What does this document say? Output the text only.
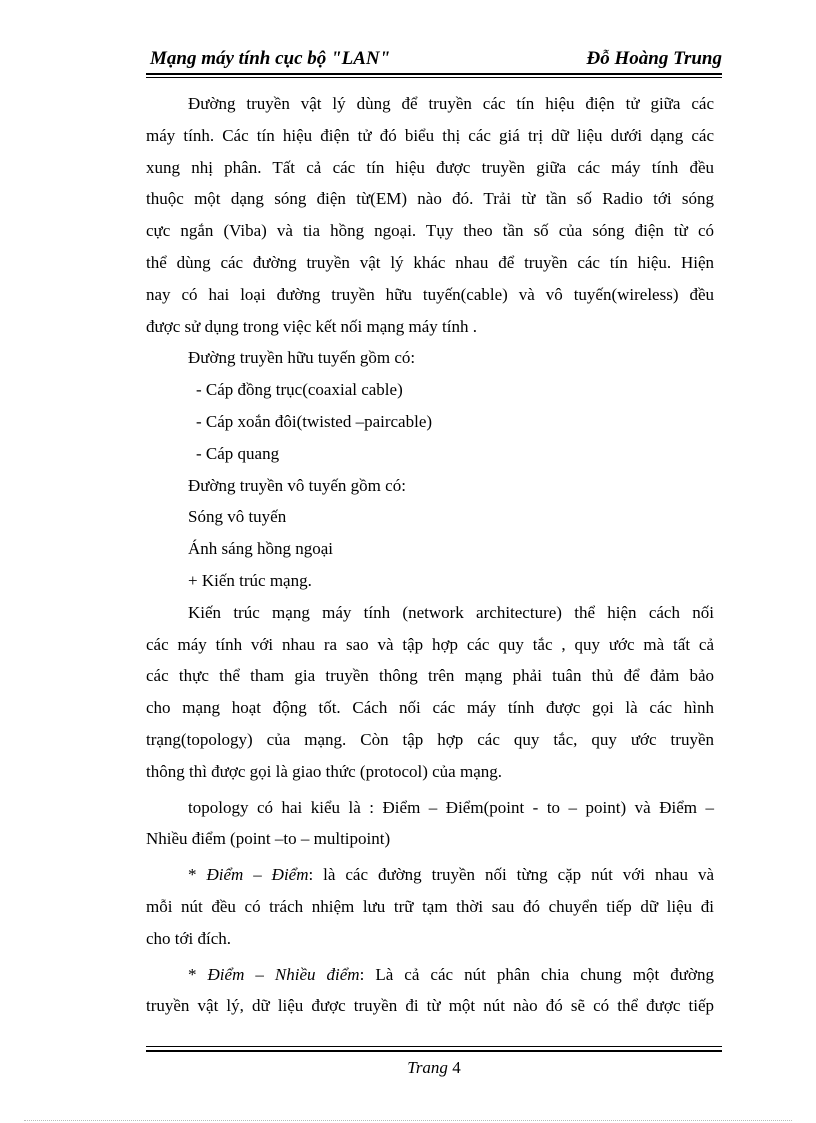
Mạng máy tính cục bộ "LAN"	Đỗ Hoàng Trung

Đường truyền vật lý dùng để truyền các tín hiệu điện tử giữa các

máy tính. Các tín hiệu điện tử đó biểu thị các giá trị dữ liệu dưới dạng các

xung nhị phân. Tất cả các tín hiệu được truyền giữa các máy tính đều

thuộc một dạng sóng điện từ(EM) nào đó. Trải từ tần số Radio tới sóng

cực ngắn (Viba) và tia hồng ngoại. Tụy theo tần số của sóng điện từ có

thể dùng các đường truyền vật lý khác nhau để truyền các tín hiệu. Hiện

nay có hai loại đường truyền hữu tuyến(cable) và vô tuyến(wireless) đều

được sử dụng trong việc kết nối mạng máy tính .

Đường truyền hữu tuyến gồm có:

- Cáp đồng trục(coaxial cable)

- Cáp xoắn đôi(twisted –paircable)

- Cáp quang

Đường truyền vô tuyến gồm có:

Sóng vô tuyến

Ánh sáng hồng ngoại

+ Kiến trúc mạng.

Kiến trúc mạng máy tính (network architecture) thể hiện cách nối

các máy tính với nhau ra sao và tập hợp các quy tắc , quy ước mà tất cả

các thực thể tham gia truyền thông trên mạng phải tuân thủ để đảm bảo

cho mạng hoạt động tốt. Cách nối các máy tính được gọi là các hình

trạng(topology) của mạng. Còn tập hợp các quy tắc, quy ước truyền

thông thì được gọi là giao thức (protocol) của mạng.

topology có hai kiểu là : Điểm – Điểm(point - to – point) và Điểm –

Nhiều điểm (point –to – multipoint)

* Điểm – Điểm: là các đường truyền nối từng cặp nút với nhau và

mỗi nút đều có trách nhiệm lưu trữ tạm thời sau đó chuyển tiếp dữ liệu đi

cho tới đích.

* Điểm – Nhiều điểm: Là cả các nút phân chia chung một đường

truyền vật lý, dữ liệu được truyền đi từ một nút nào đó sẽ có thể được tiếp

Trang 4
